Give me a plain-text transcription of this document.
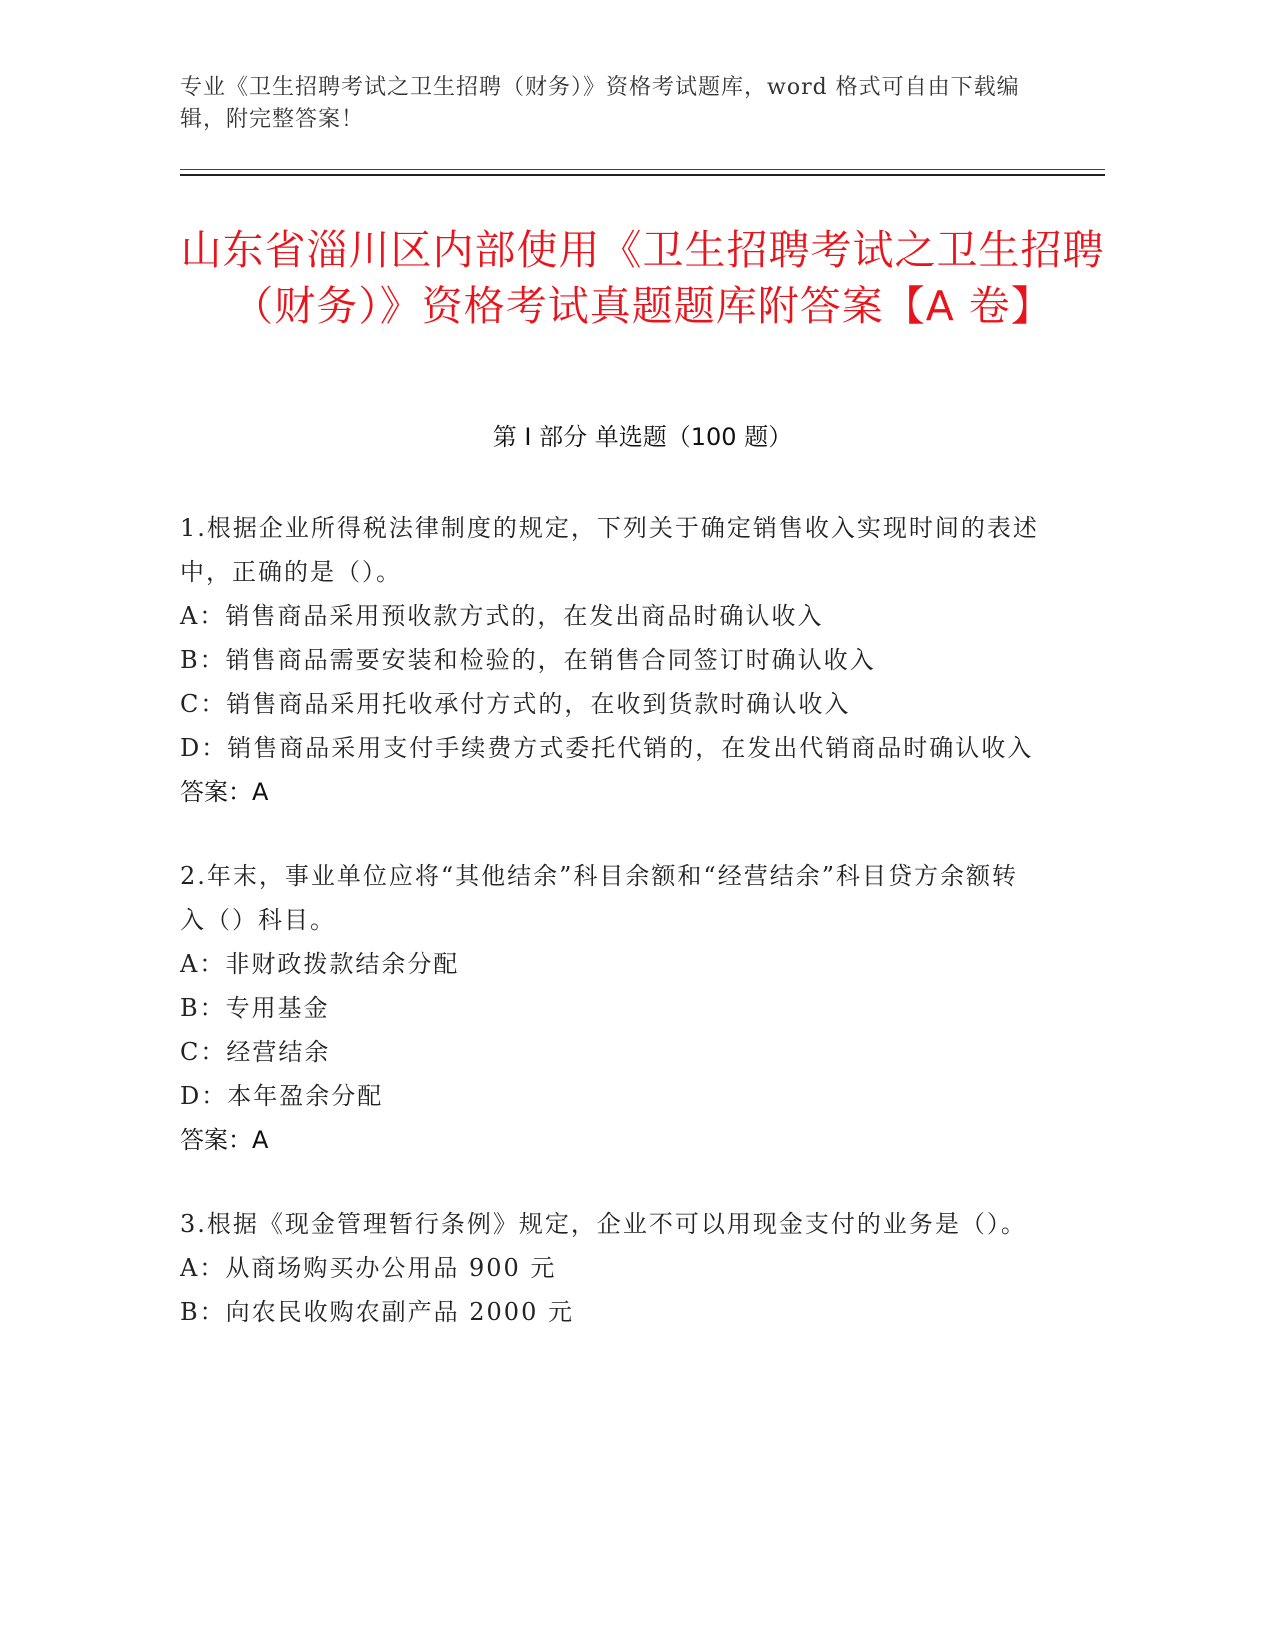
专业《卫生招聘考试之卫生招聘（财务）》资格考试题库，word 格式可自由下载编辑，附完整答案！
山东省淄川区内部使用《卫生招聘考试之卫生招聘（财务）》资格考试真题题库附答案【A 卷】
第 I 部分 单选题（100 题）

1.根据企业所得税法律制度的规定，下列关于确定销售收入实现时间的表述中，正确的是（）。

A：销售商品采用预收款方式的，在发出商品时确认收入

B：销售商品需要安装和检验的，在销售合同签订时确认收入

C：销售商品采用托收承付方式的，在收到货款时确认收入

D：销售商品采用支付手续费方式委托代销的，在发出代销商品时确认收入

答案：A

2.年末，事业单位应将“其他结余”科目余额和“经营结余”科目贷方余额转入（）科目。

A：非财政拨款结余分配

B：专用基金

C：经营结余

D：本年盈余分配

答案：A

3.根据《现金管理暂行条例》规定，企业不可以用现金支付的业务是（）。

A：从商场购买办公用品 900 元

B：向农民收购农副产品 2000 元
